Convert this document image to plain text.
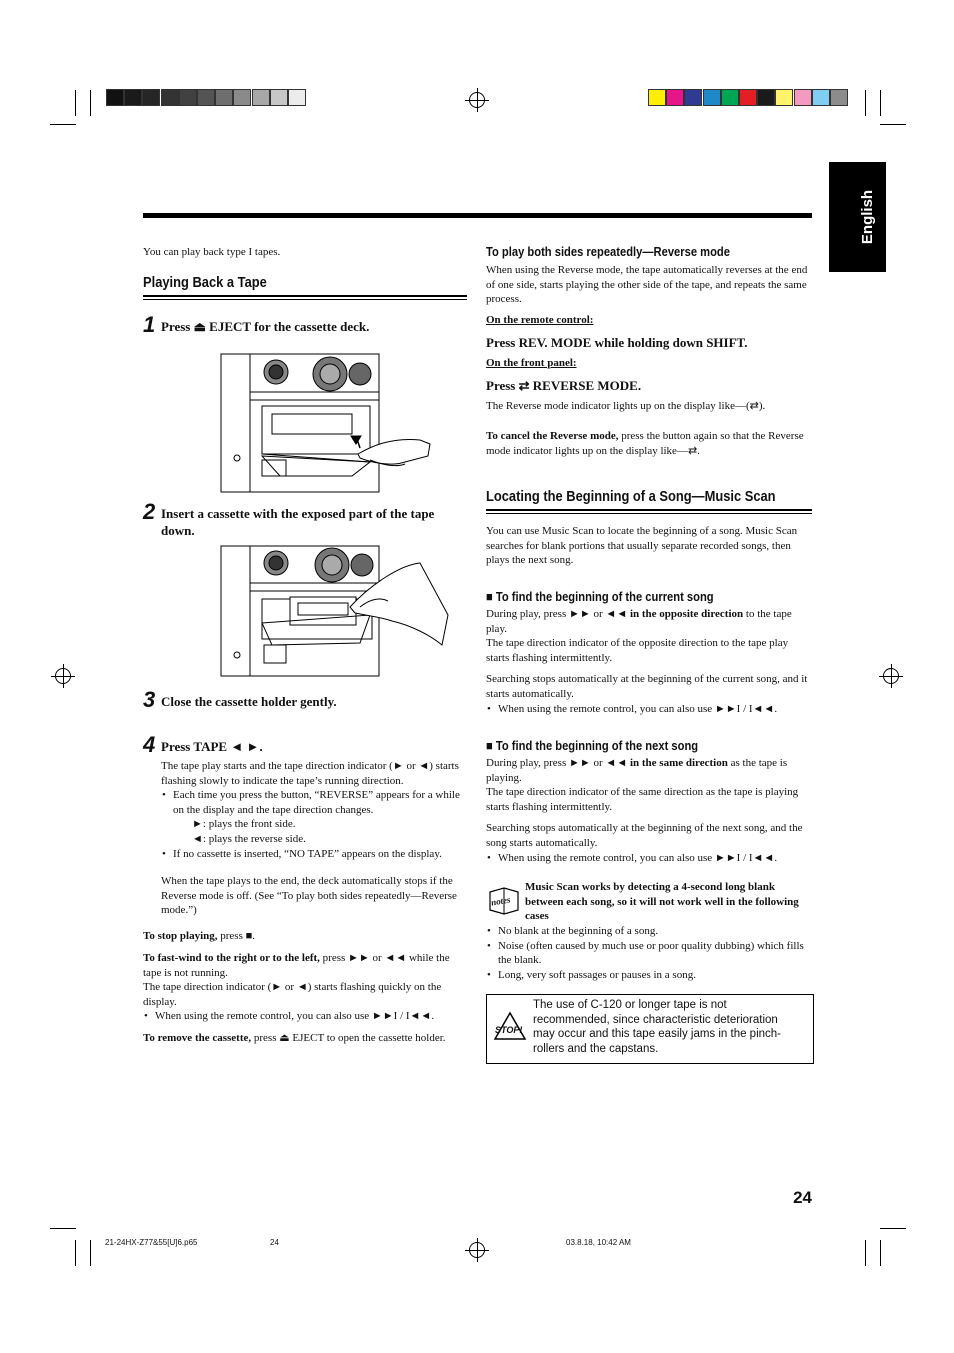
English
You can play back type I tapes.
Playing Back a Tape
1 Press ⏏ EJECT for the cassette deck.
2 Insert a cassette with the exposed part of the tape down.
3 Close the cassette holder gently.
4 Press TAPE ◄ ►.

The tape play starts and the tape direction indicator (► or ◄) starts flashing slowly to indicate the tape’s running direction.

• Each time you press the button, “REVERSE” appears for a while on the display and the tape direction changes.
►: plays the front side.
◄: plays the reverse side.
• If no cassette is inserted, “NO TAPE” appears on the display.

When the tape plays to the end, the deck automatically stops if the Reverse mode is off. (See “To play both sides repeatedly—Reverse mode.”)

To stop playing, press ■.

To fast-wind to the right or to the left, press ►► or ◄◄ while the tape is not running.

The tape direction indicator (► or ◄) starts flashing quickly on the display.

• When using the remote control, you can also use ►►I / I◄◄.
To remove the cassette, press ⏏ EJECT to open the cassette holder.
To play both sides repeatedly—Reverse mode
When using the Reverse mode, the tape automatically reverses at the end of one side, starts playing the other side of the tape, and repeats the same process.
On the remote control:
Press REV. MODE while holding down SHIFT.
On the front panel:
Press ⇄ REVERSE MODE.
The Reverse mode indicator lights up on the display like—(⇄).
To cancel the Reverse mode, press the button again so that the Reverse mode indicator lights up on the display like—⇄.
Locating the Beginning of a Song—Music Scan
You can use Music Scan to locate the beginning of a song. Music Scan searches for blank portions that usually separate recorded songs, then plays the next song.
■ To find the beginning of the current song

During play, press ►► or ◄◄ in the opposite direction to the tape play.

The tape direction indicator of the opposite direction to the tape play starts flashing intermittently.

Searching stops automatically at the beginning of the current song, and it starts automatically.

• When using the remote control, you can also use ►►I / I◄◄.
■ To find the beginning of the next song

During play, press ►► or ◄◄ in the same direction as the tape is playing.

The tape direction indicator of the same direction as the tape is playing starts flashing intermittently.

Searching stops automatically at the beginning of the next song, and the song starts automatically.

• When using the remote control, you can also use ►►I / I◄◄.
notes
Music Scan works by detecting a 4-second long blank between each song, so it will not work well in the following cases
• No blank at the beginning of a song.
• Noise (often caused by much use or poor quality dubbing) which fills the blank.
• Long, very soft passages or pauses in a song.
STOP!
The use of C-120 or longer tape is not recommended, since characteristic deterioration may occur and this tape easily jams in the pinch-rollers and the capstans.
24
21-24HX-Z77&55[U]6.p65	24	03.8.18, 10:42 AM
